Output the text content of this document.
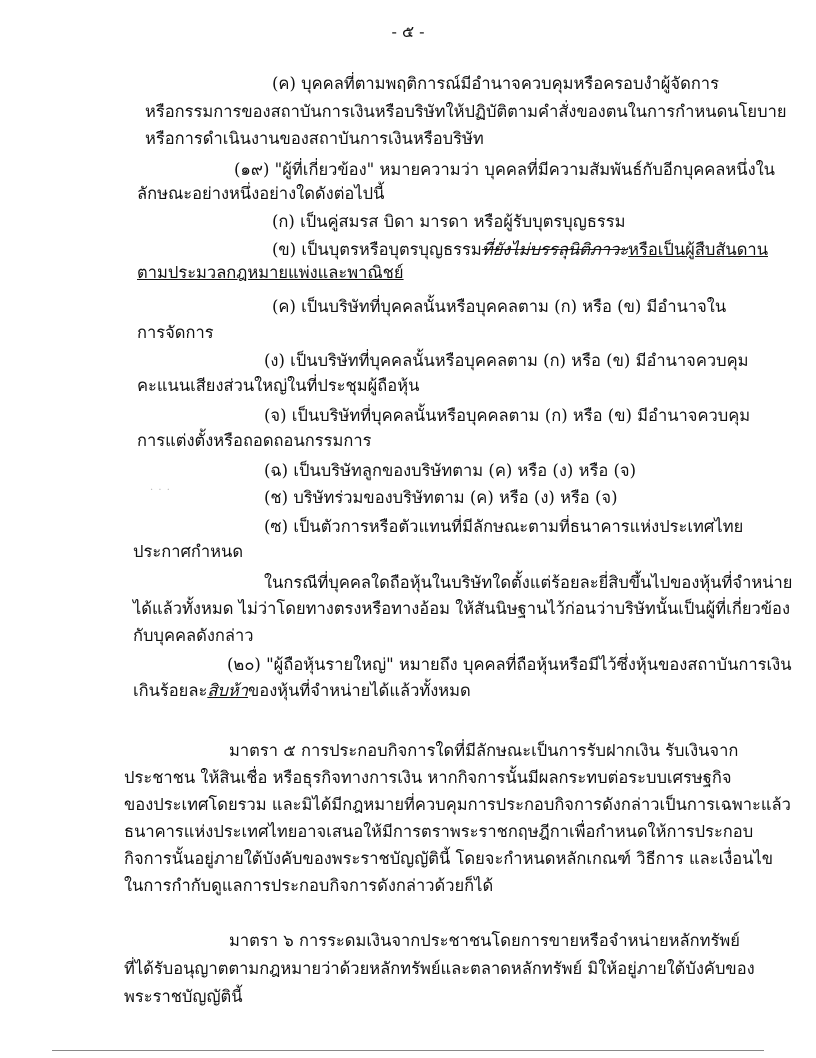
- ๕ -
(ค) บุคคลที่ตามพฤติการณ์มีอำนาจควบคุมหรือครอบงำผู้จัดการ
หรือกรรมการของสถาบันการเงินหรือบริษัทให้ปฏิบัติตามคำสั่งของตนในการกำหนดนโยบาย
หรือการดำเนินงานของสถาบันการเงินหรือบริษัท
(๑๙) "ผู้ที่เกี่ยวข้อง" หมายความว่า บุคคลที่มีความสัมพันธ์กับอีกบุคคลหนึ่งใน
ลักษณะอย่างหนึ่งอย่างใดดังต่อไปนี้
(ก) เป็นคู่สมรส บิดา มารดา หรือผู้รับบุตรบุญธรรม
(ข) เป็นบุตรหรือบุตรบุญธรรมที่ยังไม่บรรลุนิติภาวะหรือเป็นผู้สืบสันดาน
ตามประมวลกฎหมายแพ่งและพาณิชย์
(ค) เป็นบริษัทที่บุคคลนั้นหรือบุคคลตาม (ก) หรือ (ข) มีอำนาจใน
การจัดการ
(ง) เป็นบริษัทที่บุคคลนั้นหรือบุคคลตาม (ก) หรือ (ข) มีอำนาจควบคุม
คะแนนเสียงส่วนใหญ่ในที่ประชุมผู้ถือหุ้น
(จ) เป็นบริษัทที่บุคคลนั้นหรือบุคคลตาม (ก) หรือ (ข) มีอำนาจควบคุม
การแต่งตั้งหรือถอดถอนกรรมการ
(ฉ) เป็นบริษัทลูกของบริษัทตาม (ค) หรือ (ง) หรือ (จ)
· · ·	(ช) บริษัทร่วมของบริษัทตาม (ค) หรือ (ง) หรือ (จ)
(ซ) เป็นตัวการหรือตัวแทนที่มีลักษณะตามที่ธนาคารแห่งประเทศไทย
ประกาศกำหนด
ในกรณีที่บุคคลใดถือหุ้นในบริษัทใดตั้งแต่ร้อยละยี่สิบขึ้นไปของหุ้นที่จำหน่าย
ได้แล้วทั้งหมด ไม่ว่าโดยทางตรงหรือทางอ้อม ให้สันนิษฐานไว้ก่อนว่าบริษัทนั้นเป็นผู้ที่เกี่ยวข้อง
กับบุคคลดังกล่าว
(๒๐) "ผู้ถือหุ้นรายใหญ่" หมายถึง บุคคลที่ถือหุ้นหรือมีไว้ซึ่งหุ้นของสถาบันการเงิน
เกินร้อยละสิบห้าของหุ้นที่จำหน่ายได้แล้วทั้งหมด
มาตรา ๕ การประกอบกิจการใดที่มีลักษณะเป็นการรับฝากเงิน รับเงินจาก
ประชาชน ให้สินเชื่อ หรือธุรกิจทางการเงิน หากกิจการนั้นมีผลกระทบต่อระบบเศรษฐกิจ
ของประเทศโดยรวม และมิได้มีกฎหมายที่ควบคุมการประกอบกิจการดังกล่าวเป็นการเฉพาะแล้ว
ธนาคารแห่งประเทศไทยอาจเสนอให้มีการตราพระราชกฤษฎีกาเพื่อกำหนดให้การประกอบ
กิจการนั้นอยู่ภายใต้บังคับของพระราชบัญญัตินี้ โดยจะกำหนดหลักเกณฑ์ วิธีการ และเงื่อนไข
ในการกำกับดูแลการประกอบกิจการดังกล่าวด้วยก็ได้
มาตรา ๖ การระดมเงินจากประชาชนโดยการขายหรือจำหน่ายหลักทรัพย์
ที่ได้รับอนุญาตตามกฎหมายว่าด้วยหลักทรัพย์และตลาดหลักทรัพย์ มิให้อยู่ภายใต้บังคับของ
พระราชบัญญัตินี้
